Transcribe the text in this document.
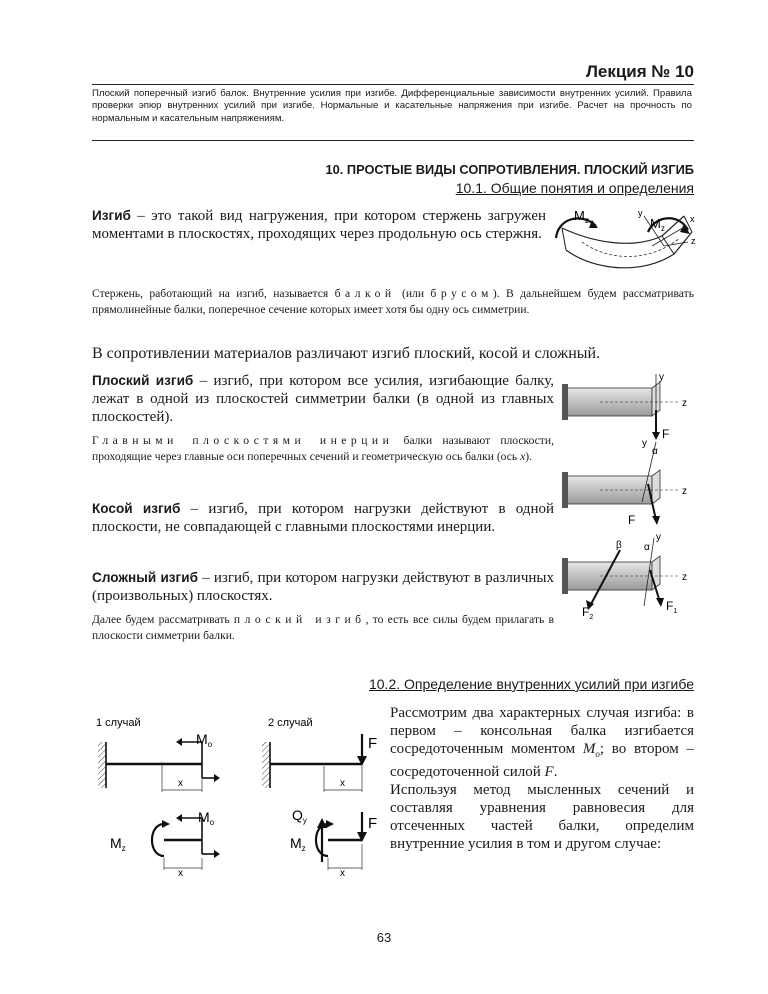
Лекция № 10
Плоский поперечный изгиб балок. Внутренние усилия при изгибе. Дифференциальные зависимости внутренних усилий. Правила проверки эпюр внутренних усилий при изгибе. Нормальные и касательные напряжения при изгибе. Расчет на прочность по нормальным и касательным напряжениям.
10. ПРОСТЫЕ ВИДЫ СОПРОТИВЛЕНИЯ. ПЛОСКИЙ ИЗГИБ
10.1. Общие понятия и определения
Изгиб – это такой вид нагружения, при котором стержень загружен моментами в плоскостях, проходящих через продольную ось стержня.
$M_z$	$M_z$
x
y
z
Стержень, работающий на изгиб, называется балкой (или брусом). В дальнейшем будем рассматривать прямолинейные балки, поперечное сечение которых имеет хотя бы одну ось симметрии.
В сопротивлении материалов различают изгиб плоский, косой и сложный.
Плоский изгиб – изгиб, при котором все усилия, изгибающие балку, лежат в одной из плоскостей симметрии балки (в одной из главных плоскостей).
Главными плоскостями инерции балки называют плоскости, проходящие через главные оси поперечных сечений и геометрическую ось балки (ось x).
Косой изгиб – изгиб, при котором нагрузки действуют в одной плоскости, не совпадающей с главными плоскостями инерции.
Сложный изгиб – изгиб, при котором нагрузки действуют в различных (произвольных) плоскостях.
Далее будем рассматривать плоский изгиб, то есть все силы будем прилагать в плоскости симметрии балки.
y
z
F
y
α
z
F
y
α
β
z
$F_2$
$F_1$
10.2. Определение внутренних усилий при изгибе
Рассмотрим два характерных случая изгиба: в первом – консольная балка изгибается сосредоточенным моментом $M_o$; во втором – сосредоточенной силой F.
Используя метод мысленных сечений и составляя уравнения равновесия для отсеченных частей балки, определим внутренние усилия в том и другом случае:
1 случай	2 случай
$M_o$
x
$M_z$
$M_o$
x
F
x
$Q_y$
$M_z$
F
x
63
